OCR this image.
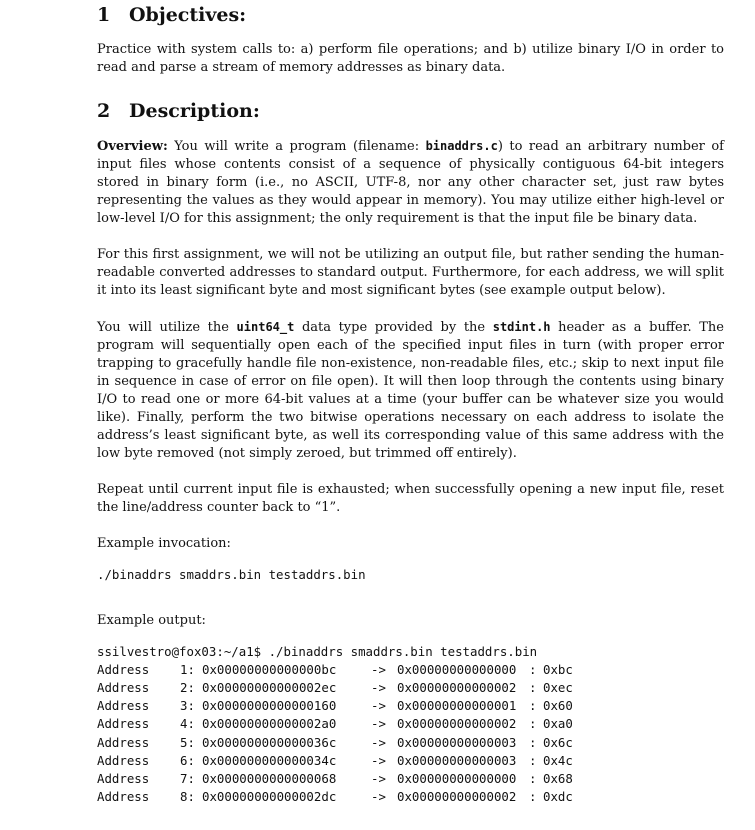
1 Objectives:

Practice with system calls to: a) perform file operations; and b) utilize binary I/O in order to read and parse a stream of memory addresses as binary data.

2 Description:

Overview: You will write a program (filename: binaddrs.c) to read an arbitrary number of input files whose contents consist of a sequence of physically contiguous 64-bit integers stored in binary form (i.e., no ASCII, UTF-8, nor any other character set, just raw bytes representing the values as they would appear in memory). You may utilize either high-level or low-level I/O for this assignment; the only requirement is that the input file be binary data.

For this first assignment, we will not be utilizing an output file, but rather sending the human-readable converted addresses to standard output. Furthermore, for each address, we will split it into its least significant byte and most significant bytes (see example output below).

You will utilize the uint64_t data type provided by the stdint.h header as a buffer. The program will sequentially open each of the specified input files in turn (with proper error trapping to gracefully handle file non-existence, non-readable files, etc.; skip to next input file in sequence in case of error on file open). It will then loop through the contents using binary I/O to read one or more 64-bit values at a time (your buffer can be whatever size you would like). Finally, perform the two bitwise operations necessary on each address to isolate the address’s least significant byte, as well its corresponding value of this same address with the low byte removed (not simply zeroed, but trimmed off entirely).

Repeat until current input file is exhausted; when successfully opening a new input file, reset the line/address counter back to “1”.

Example invocation:

./binaddrs smaddrs.bin testaddrs.bin

Example output:

ssilvestro@fox03:~/a1$ ./binaddrs smaddrs.bin testaddrs.bin
Address	1: 0x00000000000000bc	-> 0x00000000000000	: 0xbc
Address	2: 0x00000000000002ec	-> 0x00000000000002	: 0xec
Address	3: 0x0000000000000160	-> 0x00000000000001	: 0x60
Address	4: 0x00000000000002a0	-> 0x00000000000002	: 0xa0
Address	5: 0x000000000000036c	-> 0x00000000000003	: 0x6c
Address	6: 0x000000000000034c	-> 0x00000000000003	: 0x4c
Address	7: 0x0000000000000068	-> 0x00000000000000	: 0x68
Address	8: 0x00000000000002dc	-> 0x00000000000002	: 0xdc
